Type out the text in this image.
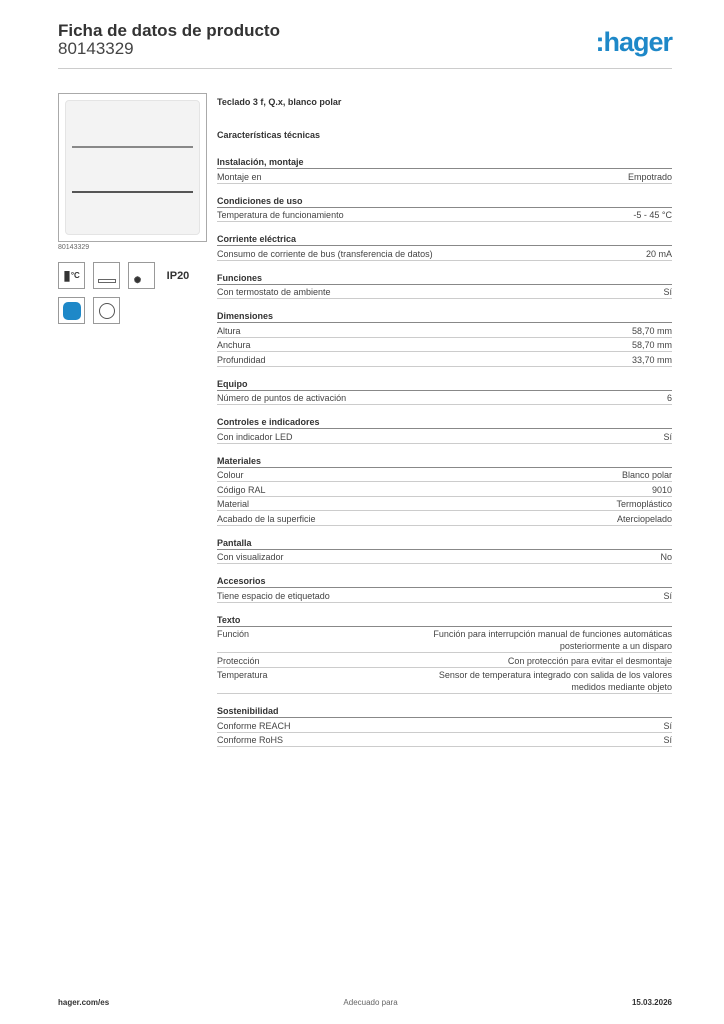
Ficha de datos de producto
80143329	:hager
80143329
▮ °C	✺ IP20
Teclado 3 f, Q.x, blanco polar
Características técnicas
Instalación, montaje
Montaje en	Empotrado
Condiciones de uso
Temperatura de funcionamiento	-5 - 45 °C
Corriente eléctrica
Consumo de corriente de bus (transferencia de datos)	20 mA
Funciones
Con termostato de ambiente	Sí
Dimensiones
Altura	58,70 mm
Anchura	58,70 mm
Profundidad	33,70 mm
Equipo
Número de puntos de activación	6
Controles e indicadores
Con indicador LED	Sí
Materiales
Colour	Blanco polar
Código RAL	9010
Material	Termoplástico
Acabado de la superficie	Aterciopelado
Pantalla
Con visualizador	No
Accesorios
Tiene espacio de etiquetado	Sí
Texto
Función	Función para interrupción manual de funciones automáticas posteriormente a un disparo
Protección	Con protección para evitar el desmontaje
Temperatura	Sensor de temperatura integrado con salida de los valores medidos mediante objeto
Sostenibilidad
Conforme REACH	Sí
Conforme RoHS	Sí
hager.com/es	Adecuado para	15.03.2026
